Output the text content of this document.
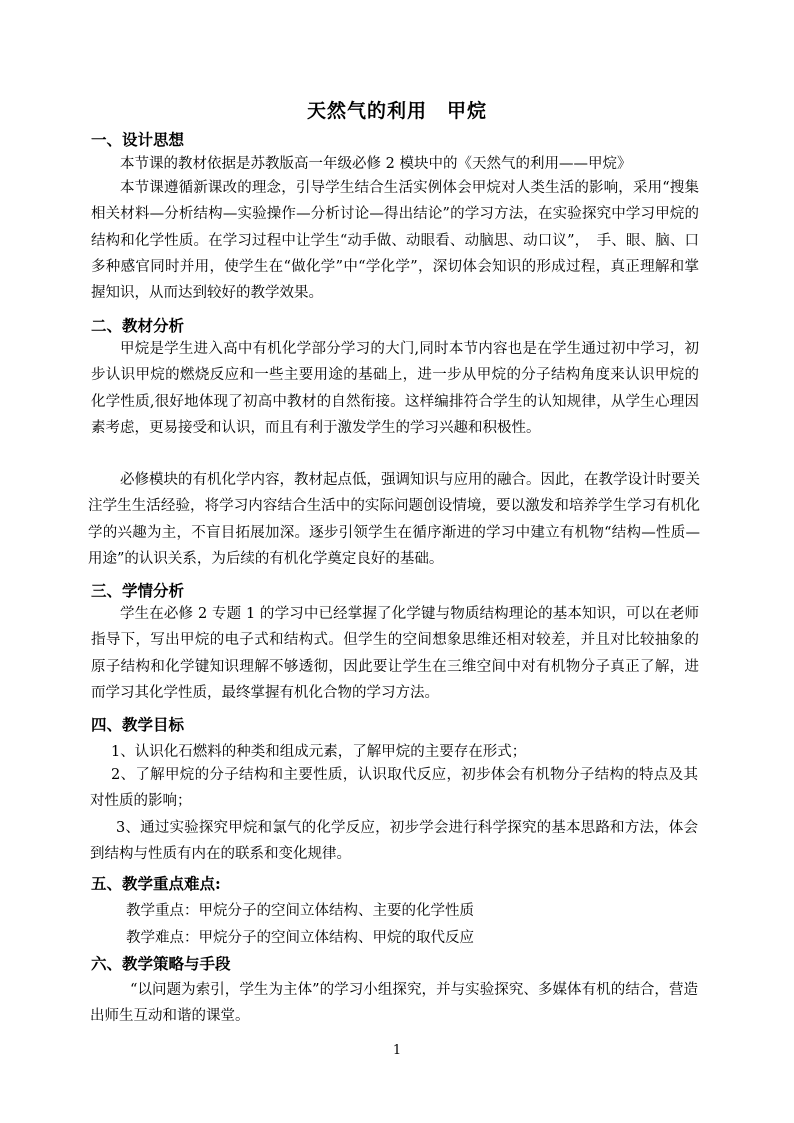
天然气的利用　甲烷
一、设计思想
本节课的教材依据是苏教版高一年级必修 2 模块中的《天然气的利用——甲烷》
本节课遵循新课改的理念，引导学生结合生活实例体会甲烷对人类生活的影响，采用“搜集相关材料—分析结构—实验操作—分析讨论—得出结论”的学习方法，在实验探究中学习甲烷的结构和化学性质。在学习过程中让学生“动手做、动眼看、动脑思、动口议”，　手、眼、脑、口多种感官同时并用，使学生在“做化学”中“学化学”，深切体会知识的形成过程，真正理解和掌握知识，从而达到较好的教学效果。
二、教材分析
甲烷是学生进入高中有机化学部分学习的大门,同时本节内容也是在学生通过初中学习，初步认识甲烷的燃烧反应和一些主要用途的基础上，进一步从甲烷的分子结构角度来认识甲烷的化学性质,很好地体现了初高中教材的自然衔接。这样编排符合学生的认知规律，从学生心理因素考虑，更易接受和认识，而且有利于激发学生的学习兴趣和积极性。
必修模块的有机化学内容，教材起点低，强调知识与应用的融合。因此，在教学设计时要关注学生生活经验，将学习内容结合生活中的实际问题创设情境，要以激发和培养学生学习有机化学的兴趣为主，不盲目拓展加深。逐步引领学生在循序渐进的学习中建立有机物“结构—性质—用途”的认识关系，为后续的有机化学奠定良好的基础。
三、学情分析
学生在必修 2 专题 1 的学习中已经掌握了化学键与物质结构理论的基本知识，可以在老师指导下，写出甲烷的电子式和结构式。但学生的空间想象思维还相对较差，并且对比较抽象的原子结构和化学键知识理解不够透彻，因此要让学生在三维空间中对有机物分子真正了解，进而学习其化学性质，最终掌握有机化合物的学习方法。
四、教学目标
1、认识化石燃料的种类和组成元素，了解甲烷的主要存在形式；
2、了解甲烷的分子结构和主要性质，认识取代反应，初步体会有机物分子结构的特点及其对性质的影响；
3、通过实验探究甲烷和氯气的化学反应，初步学会进行科学探究的基本思路和方法，体会到结构与性质有内在的联系和变化规律。
五、教学重点难点:
教学重点：甲烷分子的空间立体结构、主要的化学性质
教学难点：甲烷分子的空间立体结构、甲烷的取代反应
六、教学策略与手段
“以问题为索引，学生为主体”的学习小组探究，并与实验探究、多媒体有机的结合，营造出师生互动和谐的课堂。
1
